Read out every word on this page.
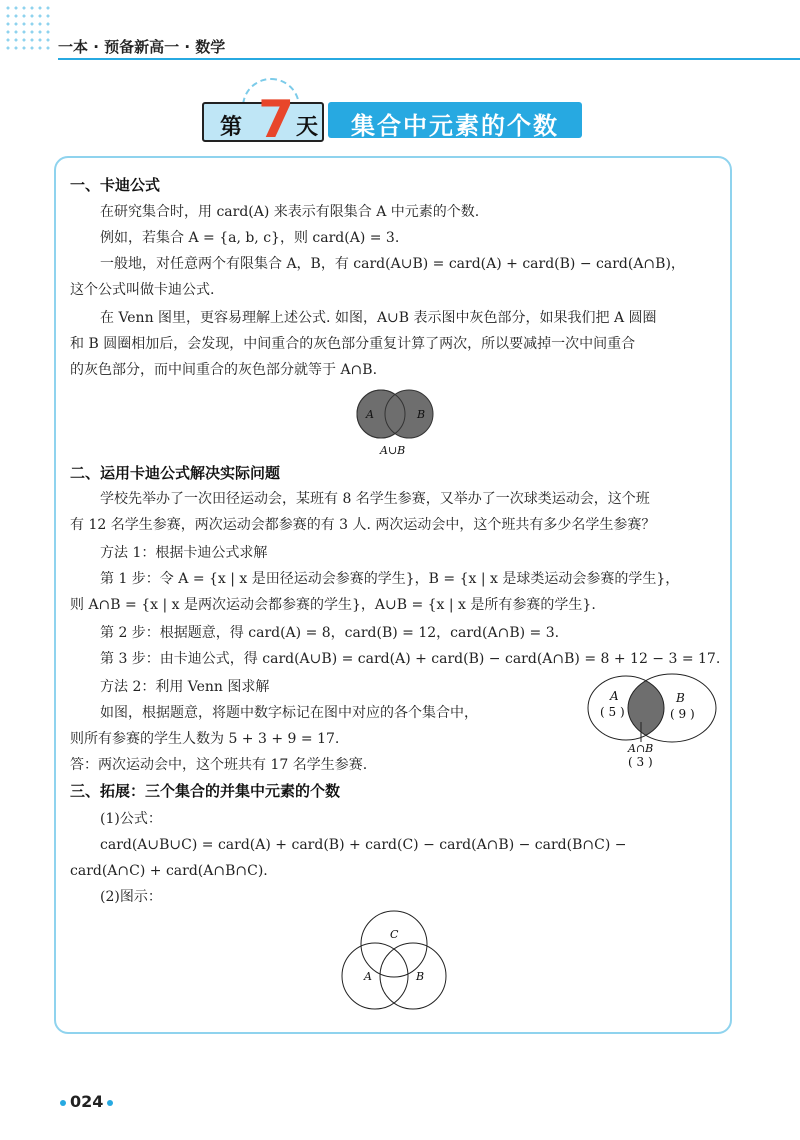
一本 · 预备新高一 · 数学
第 7 天	集合中元素的个数
一、卡迪公式
在研究集合时，用 card(A) 来表示有限集合 A 中元素的个数.
例如，若集合 A = {a, b, c}，则 card(A) = 3.
一般地，对任意两个有限集合 A，B，有 card(A∪B) = card(A) + card(B) − card(A∩B)，
这个公式叫做卡迪公式.
在 Venn 图里，更容易理解上述公式. 如图，A∪B 表示图中灰色部分，如果我们把 A 圆圈
和 B 圆圈相加后，会发现，中间重合的灰色部分重复计算了两次，所以要减掉一次中间重合
的灰色部分，而中间重合的灰色部分就等于 A∩B.
A	B
A∪B
二、运用卡迪公式解决实际问题
学校先举办了一次田径运动会，某班有 8 名学生参赛，又举办了一次球类运动会，这个班
有 12 名学生参赛，两次运动会都参赛的有 3 人. 两次运动会中，这个班共有多少名学生参赛？
方法 1：根据卡迪公式求解
第 1 步：令 A = {x | x 是田径运动会参赛的学生}，B = {x | x 是球类运动会参赛的学生}，
则 A∩B = {x | x 是两次运动会都参赛的学生}，A∪B = {x | x 是所有参赛的学生}.
第 2 步：根据题意，得 card(A) = 8，card(B) = 12，card(A∩B) = 3.
第 3 步：由卡迪公式，得 card(A∪B) = card(A) + card(B) − card(A∩B) = 8 + 12 − 3 = 17.
方法 2：利用 Venn 图求解
如图，根据题意，将题中数字标记在图中对应的各个集合中，
则所有参赛的学生人数为 5 + 3 + 9 = 17.
答：两次运动会中，这个班共有 17 名学生参赛.
A
( 5 )
B
( 9 )
A∩B
( 3 )
三、拓展：三个集合的并集中元素的个数
(1)公式：
card(A∪B∪C) = card(A) + card(B) + card(C) − card(A∩B) − card(B∩C) −
card(A∩C) + card(A∩B∩C).
(2)图示：
C
A	B
024
